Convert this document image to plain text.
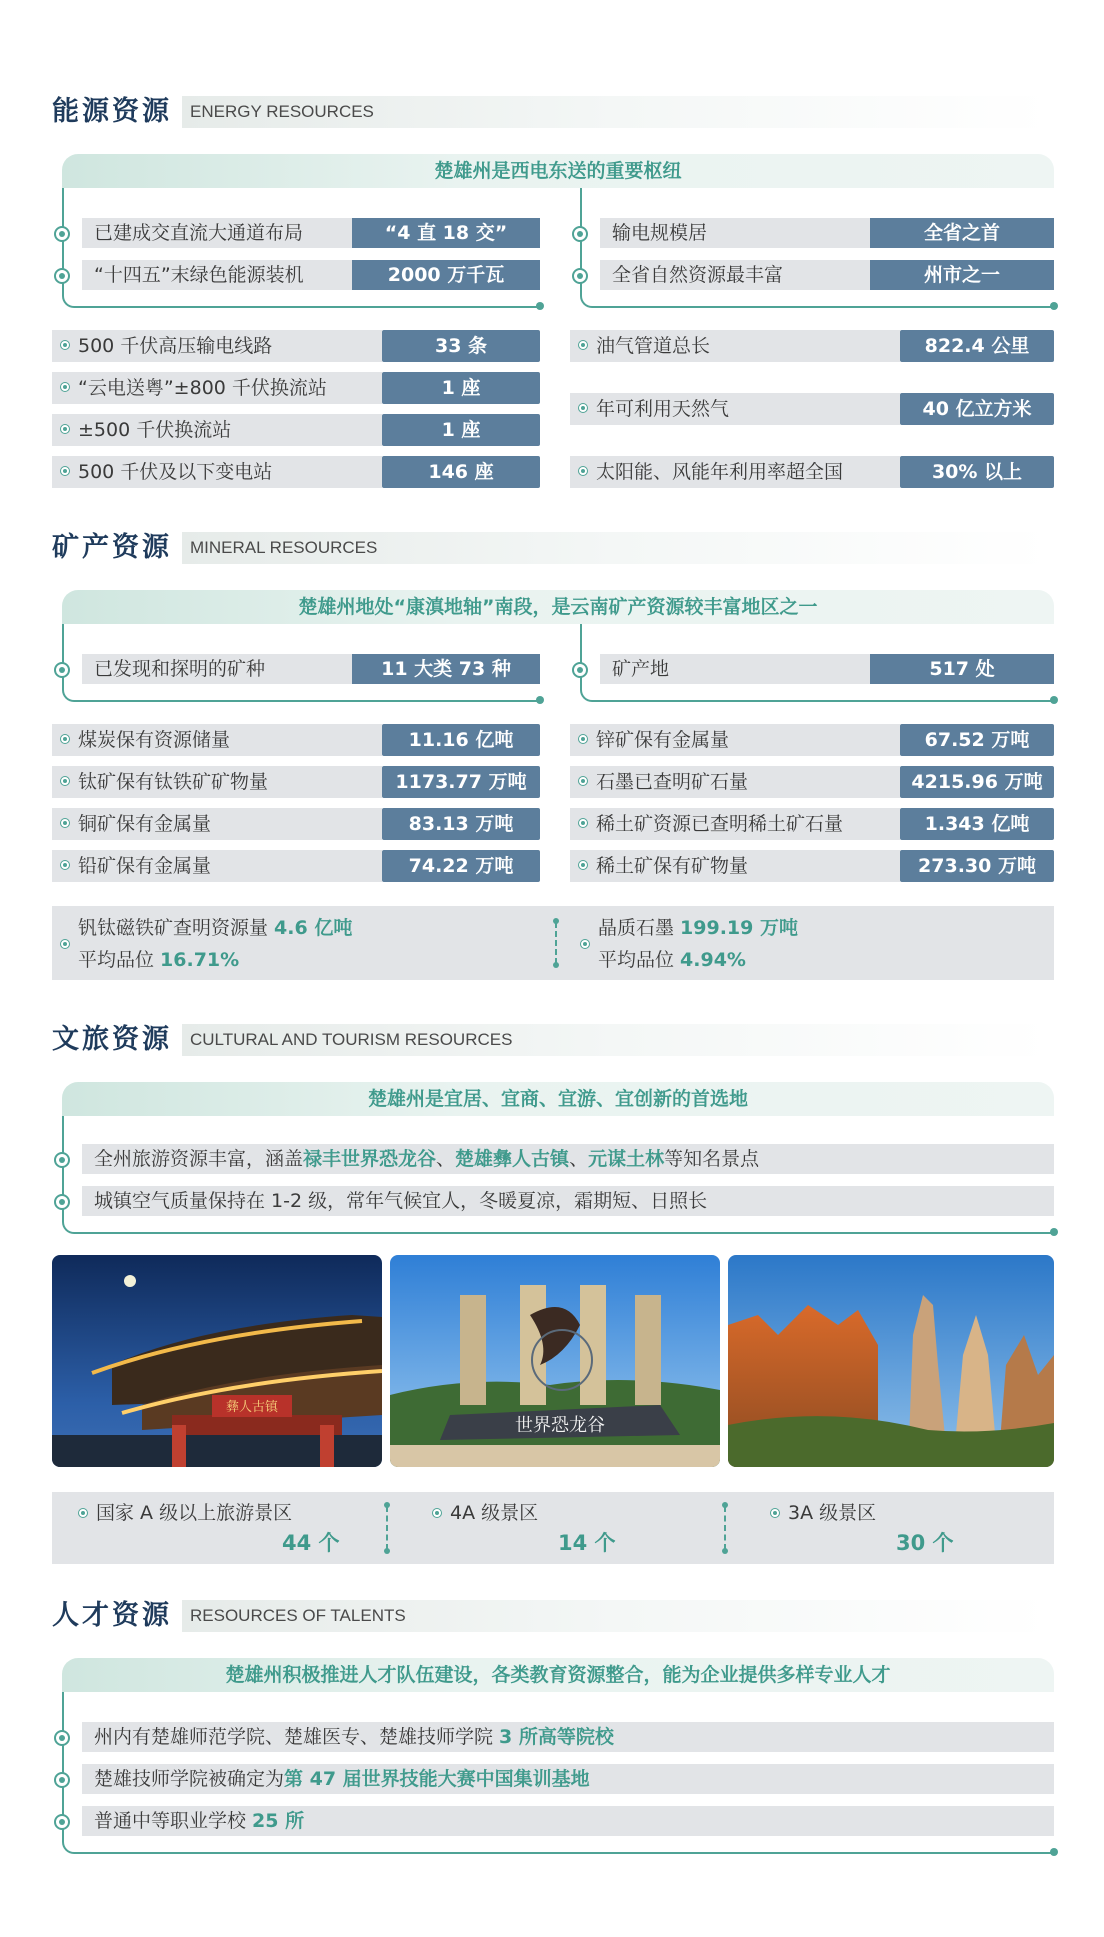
能源资源	ENERGY RESOURCES
楚雄州是西电东送的重要枢纽
已建成交直流大通道布局	“4 直 18 交”
“十四五”末绿色能源装机	2000 万千瓦
输电规模居	全省之首
全省自然资源最丰富	州市之一
500 千伏高压输电线路	33 条
“云电送粤”±800 千伏换流站	1 座
±500 千伏换流站	1 座
500 千伏及以下变电站	146 座
油气管道总长	822.4 公里
年可利用天然气	40 亿立方米
太阳能、风能年利用率超全国	30% 以上
矿产资源	MINERAL RESOURCES
楚雄州地处“康滇地轴”南段，是云南矿产资源较丰富地区之一
已发现和探明的矿种	11 大类 73 种	矿产地	517 处
煤炭保有资源储量	11.16 亿吨
钛矿保有钛铁矿矿物量	1173.77 万吨
铜矿保有金属量	83.13 万吨
铅矿保有金属量	74.22 万吨
锌矿保有金属量	67.52 万吨
石墨已查明矿石量	4215.96 万吨
稀土矿资源已查明稀土矿石量	1.343 亿吨
稀土矿保有矿物量	273.30 万吨
钒钛磁铁矿查明资源量 4.6 亿吨
平均品位 16.71%
晶质石墨 199.19 万吨
平均品位 4.94%
文旅资源	CULTURAL AND TOURISM RESOURCES
楚雄州是宜居、宜商、宜游、宜创新的首选地
全州旅游资源丰富，涵盖禄丰世界恐龙谷、楚雄彝人古镇、元谋土林等知名景点
城镇空气质量保持在 1-2 级，常年气候宜人，冬暖夏凉，霜期短、日照长
彝人古镇
世界恐龙谷
国家 A 级以上旅游景区
44 个
4A 级景区
14 个
3A 级景区
30 个
人才资源	RESOURCES OF TALENTS
楚雄州积极推进人才队伍建设，各类教育资源整合，能为企业提供多样专业人才
州内有楚雄师范学院、楚雄医专、楚雄技师学院 3 所高等院校
楚雄技师学院被确定为第 47 届世界技能大赛中国集训基地
普通中等职业学校 25 所
